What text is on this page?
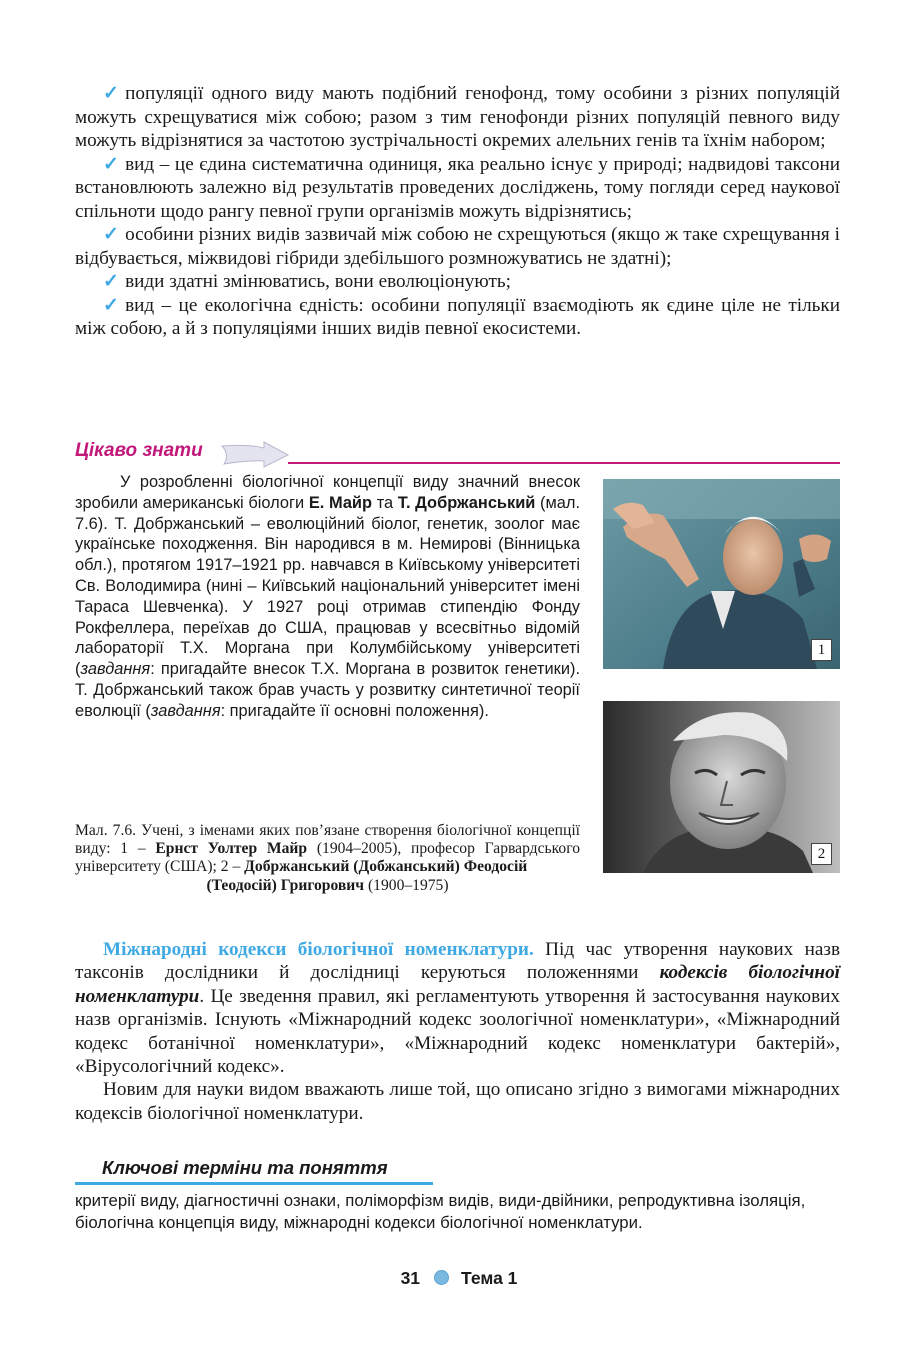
✓ популяції одного виду мають подібний генофонд, тому особини з різних популяцій можуть схрещуватися між собою; разом з тим генофонди різних популяцій певного виду можуть відрізнятися за частотою зустрічальності окремих алельних генів та їхнім набором;

✓ вид – це єдина систематична одиниця, яка реально існує у природі; надвидові таксони встановлюють залежно від результатів проведених досліджень, тому погляди серед наукової спільноти щодо рангу певної групи організмів можуть відрізнятись;

✓ особини різних видів зазвичай між собою не схрещуються (якщо ж таке схрещування і відбувається, міжвидові гібриди здебільшого розмножуватись не здатні);

✓ види здатні змінюватись, вони еволюціонують;

✓ вид – це екологічна єдність: особини популяції взаємодіють як єдине ціле не тільки між собою, а й з популяціями інших видів певної екосистеми.

Цікаво знати

У розробленні біологічної концепції виду значний внесок зробили американські біологи Е. Майр та Т. Добржанський (мал. 7.6). Т. Добржанський – еволюційний біолог, генетик, зоолог має українське походження. Він народився в м. Немирові (Вінницька обл.), протягом 1917–1921 рр. навчався в Київському університеті Св. Володимира (нині – Київський національний університет імені Тараса Шевченка). У 1927 році отримав стипендію Фонду Рокфеллера, переїхав до США, працював у всесвітньо відомій лабораторії Т.Х. Моргана при Колумбійському університеті (завдання: пригадайте внесок Т.Х. Моргана в розвиток генетики). Т. Добржанський також брав участь у розвитку синтетичної теорії еволюції (завдання: пригадайте її основні положення).

1
2
Мал. 7.6. Учені, з іменами яких пов’язане створення біологічної концепції виду: 1 – Ернст Уолтер Майр (1904–2005), професор Гарвардського університету (США); 2 – Добржанський (Добжанський) Феодосій
(Теодосій) Григорович (1900–1975)

Міжнародні кодекси біологічної номенклатури. Під час утворення наукових назв таксонів дослідники й дослідниці керуються положеннями кодексів біологічної номенклатури. Це зведення правил, які регламентують утворення й застосування наукових назв організмів. Існують «Міжнародний кодекс зоологічної номенклатури», «Міжнародний кодекс ботанічної номенклатури», «Міжнародний кодекс номенклатури бактерій», «Вірусологічний кодекс».

Новим для науки видом вважають лише той, що описано згідно з вимогами міжнародних кодексів біологічної номенклатури.

Ключові терміни та поняття
критерії виду, діагностичні ознаки, поліморфізм видів, види-двійники, репродуктивна ізоляція, біологічна концепція виду, міжнародні кодекси біологічної номенклатури.
31 Тема 1
